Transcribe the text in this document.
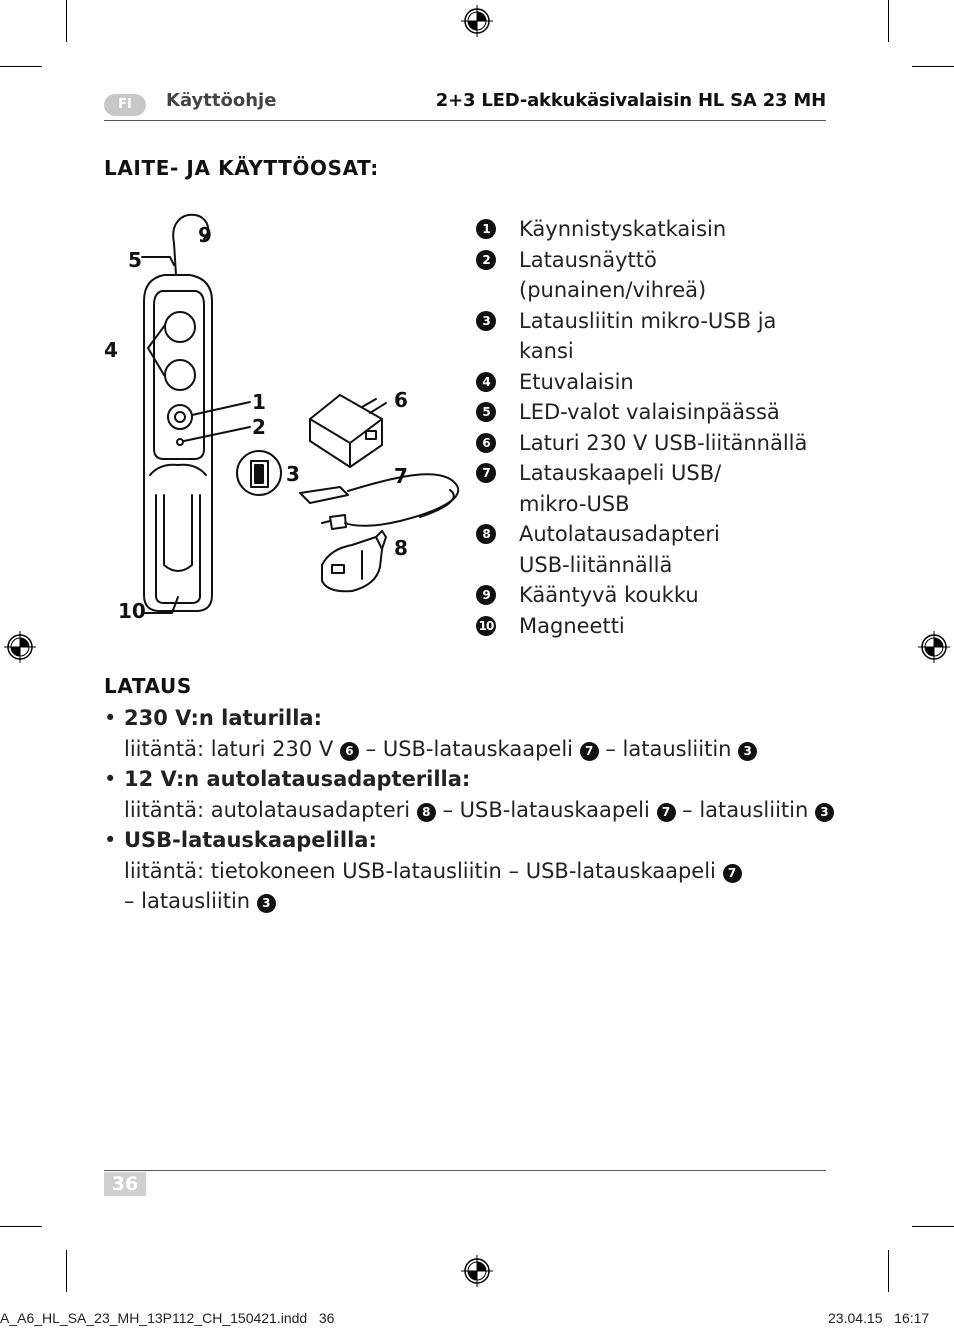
FI	Käyttöohje	2+3 LED-akkukäsivalaisin HL SA 23 MH
LAITE- JA KÄYTTÖOSAT:
9
5
4
1
2
3
6
7
8
10
1	Käynnistyskatkaisin
2	Latausnäyttö (punainen/vihreä)
3	Latausliitin mikro-USB ja kansi
4	Etuvalaisin
5	LED-valot valaisinpäässä
6	Laturi 230 V USB-liitännällä
7	Latauskaapeli USB/ mikro-USB
8	Autolatausadapteri USB-liitännällä
9	Kääntyvä koukku
10 Magneetti
LATAUS
• 230 V:n laturilla:
liitäntä: laturi 230 V 6 – USB-latauskaapeli 7 – latausliitin 3
• 12 V:n autolatausadapterilla:
liitäntä: autolatausadapteri 8 – USB-latauskaapeli 7 – latausliitin 3
• USB-latauskaapelilla:
liitäntä: tietokoneen USB-latausliitin – USB-latauskaapeli 7
– latausliitin 3
36
A_A6_HL_SA_23_MH_13P112_CH_150421.indd   36	23.04.15   16:17
